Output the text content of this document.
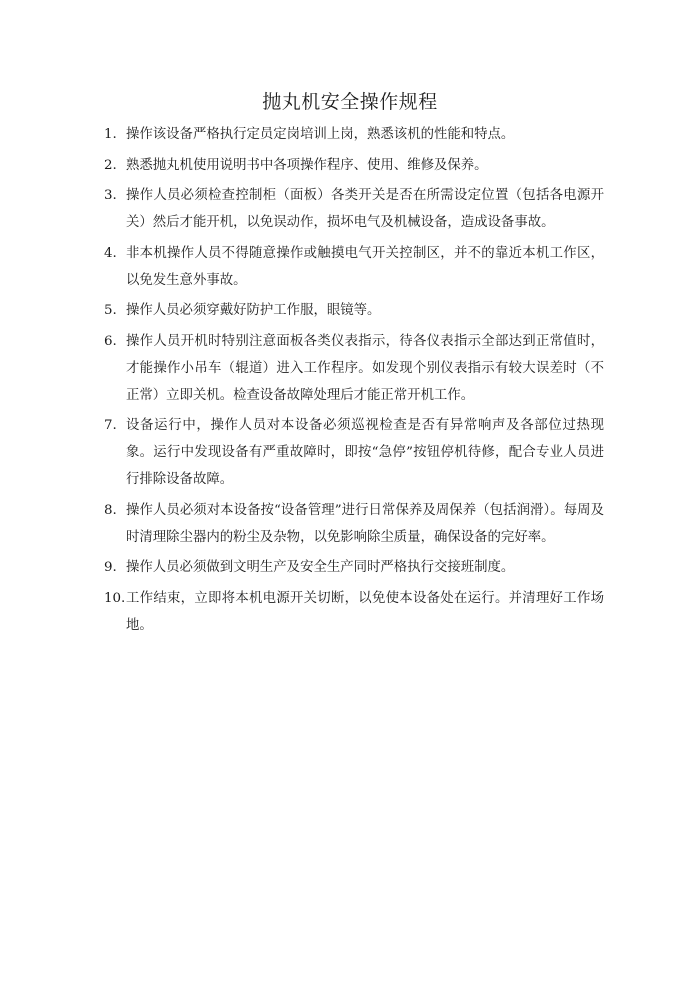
抛丸机安全操作规程
1. 操作该设备严格执行定员定岗培训上岗，熟悉该机的性能和特点。
2. 熟悉抛丸机使用说明书中各项操作程序、使用、维修及保养。
3. 操作人员必须检查控制柜（面板）各类开关是否在所需设定位置（包括各电源开关）然后才能开机，以免误动作，损坏电气及机械设备，造成设备事故。
4. 非本机操作人员不得随意操作或触摸电气开关控制区，并不的靠近本机工作区，以免发生意外事故。
5. 操作人员必须穿戴好防护工作服，眼镜等。
6. 操作人员开机时特别注意面板各类仪表指示，待各仪表指示全部达到正常值时，才能操作小吊车（辊道）进入工作程序。如发现个别仪表指示有较大误差时（不正常）立即关机。检查设备故障处理后才能正常开机工作。
7. 设备运行中，操作人员对本设备必须巡视检查是否有异常响声及各部位过热现象。运行中发现设备有严重故障时，即按“急停”按钮停机待修，配合专业人员进行排除设备故障。
8. 操作人员必须对本设备按“设备管理”进行日常保养及周保养（包括润滑）。每周及时清理除尘器内的粉尘及杂物，以免影响除尘质量，确保设备的完好率。
9. 操作人员必须做到文明生产及安全生产同时严格执行交接班制度。
10. 工作结束，立即将本机电源开关切断，以免使本设备处在运行。并清理好工作场地。
